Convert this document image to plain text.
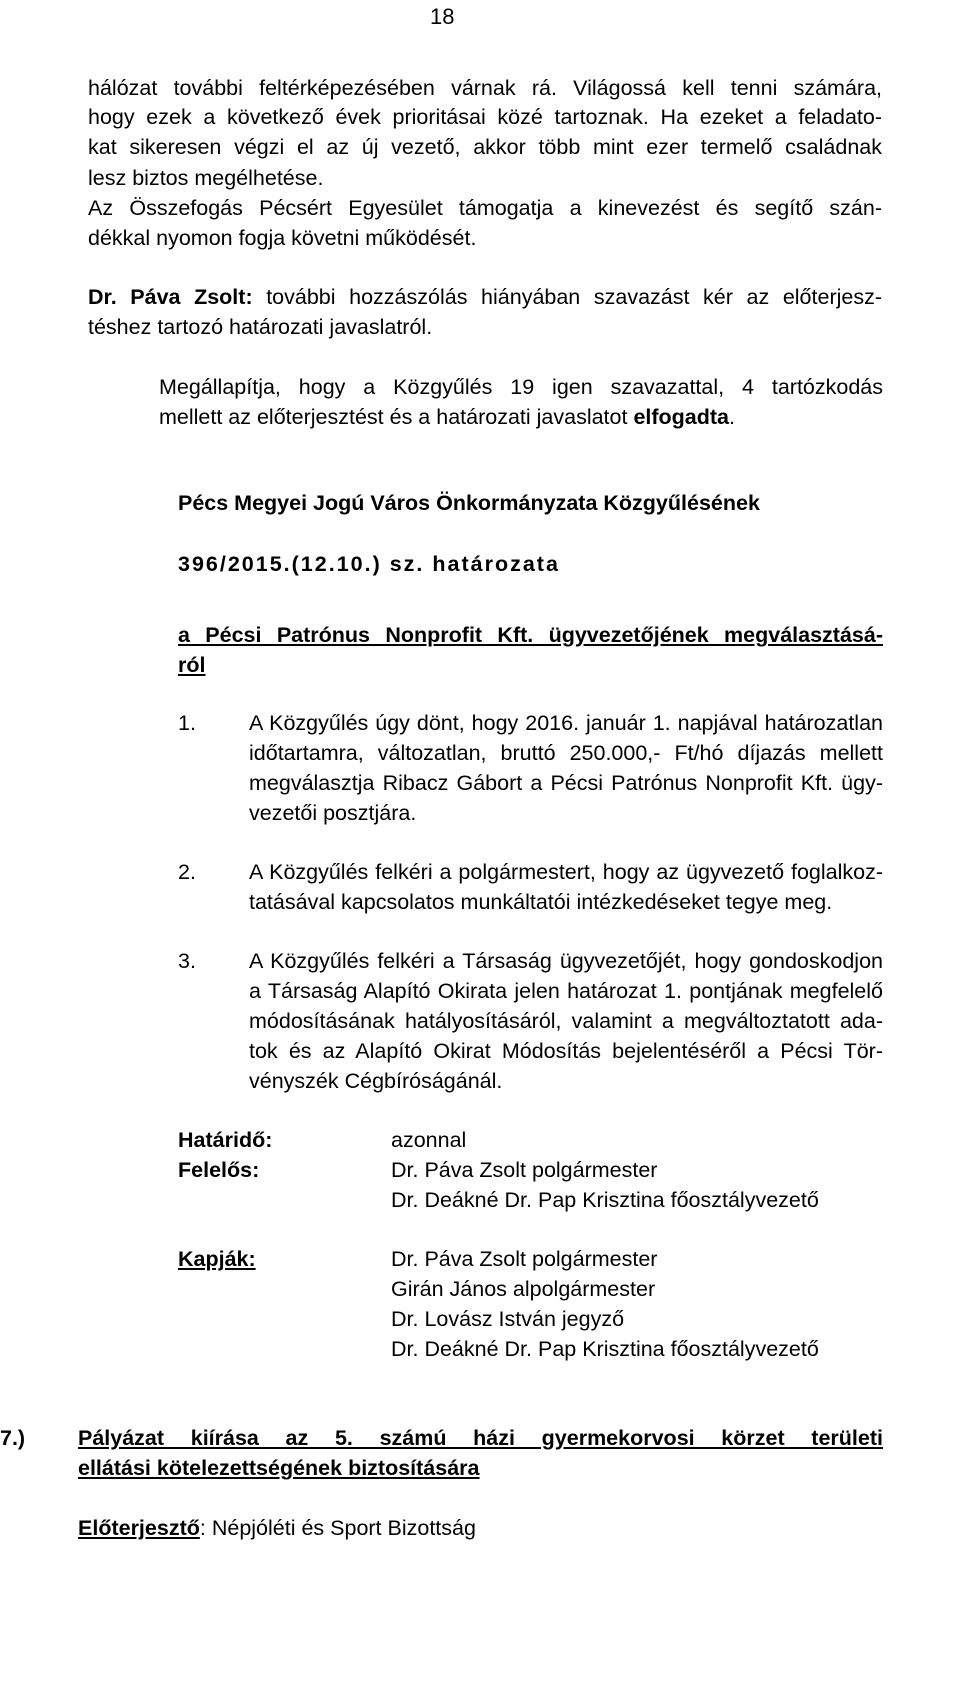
18
hálózat további feltérképezésében várnak rá. Világossá kell tenni számára,
hogy ezek a következő évek prioritásai közé tartoznak. Ha ezeket a feladato-
kat sikeresen végzi el az új vezető, akkor több mint ezer termelő családnak
lesz biztos megélhetése.
Az Összefogás Pécsért Egyesület támogatja a kinevezést és segítő szán-
dékkal nyomon fogja követni működését.
Dr. Páva Zsolt: további hozzászólás hiányában szavazást kér az előterjesz-
téshez tartozó határozati javaslatról.
Megállapítja, hogy a Közgyűlés 19 igen szavazattal, 4 tartózkodás
mellett az előterjesztést és a határozati javaslatot elfogadta.
Pécs Megyei Jogú Város Önkormányzata Közgyűlésének
396/2015.(12.10.) sz. határozata
a Pécsi Patrónus Nonprofit Kft. ügyvezetőjének megválasztásá-
ról
1. A Közgyűlés úgy dönt, hogy 2016. január 1. napjával határozatlan
időtartamra, változatlan, bruttó 250.000,- Ft/hó díjazás mellett
megválasztja Ribacz Gábort a Pécsi Patrónus Nonprofit Kft. ügy-
vezetői posztjára.
2. A Közgyűlés felkéri a polgármestert, hogy az ügyvezető foglalkoz-
tatásával kapcsolatos munkáltatói intézkedéseket tegye meg.
3. A Közgyűlés felkéri a Társaság ügyvezetőjét, hogy gondoskodjon
a Társaság Alapító Okirata jelen határozat 1. pontjának megfelelő
módosításának hatályosításáról, valamint a megváltoztatott ada-
tok és az Alapító Okirat Módosítás bejelentéséről a Pécsi Tör-
vényszék Cégbíróságánál.
Határidő:	azonnal
Felelős:	Dr. Páva Zsolt polgármester
Dr. Deákné Dr. Pap Krisztina főosztályvezető
Kapják:	Dr. Páva Zsolt polgármester
Girán János alpolgármester
Dr. Lovász István jegyző
Dr. Deákné Dr. Pap Krisztina főosztályvezető
7.) Pályázat kiírása az 5. számú házi gyermekorvosi körzet területi
ellátási kötelezettségének biztosítására
Előterjesztő: Népjóléti és Sport Bizottság
